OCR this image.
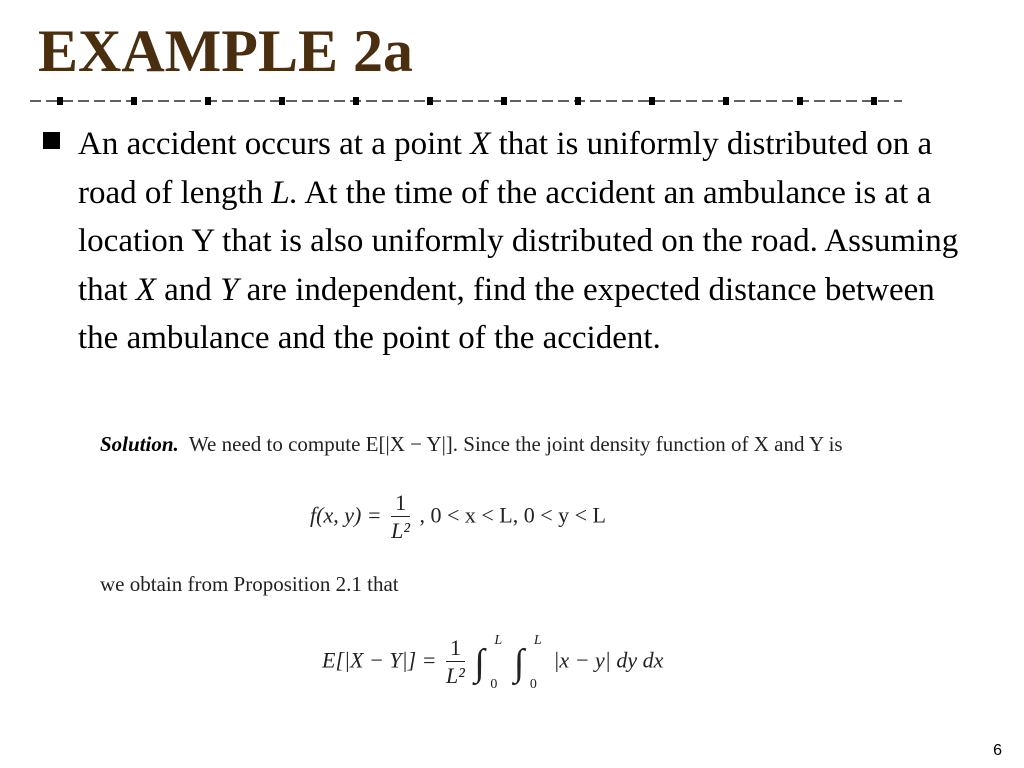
EXAMPLE 2a
An accident occurs at a point X that is uniformly distributed on a road of length L. At the time of the accident an ambulance is at a location Y that is also uniformly distributed on the road. Assuming that X and Y are independent, find the expected distance between the ambulance and the point of the accident.
Solution. We need to compute E[|X − Y|]. Since the joint density function of X and Y is
f(x, $y) = \frac{1}{\text{L²}}$ , 0 < x < L, 0 < y < L
we obtain from Proposition 2.1 that
$E[|X - Y|] = \frac{1}{\text{L²}}$ ∫
L
0
∫
L
0
|x − y| dy dx
6
